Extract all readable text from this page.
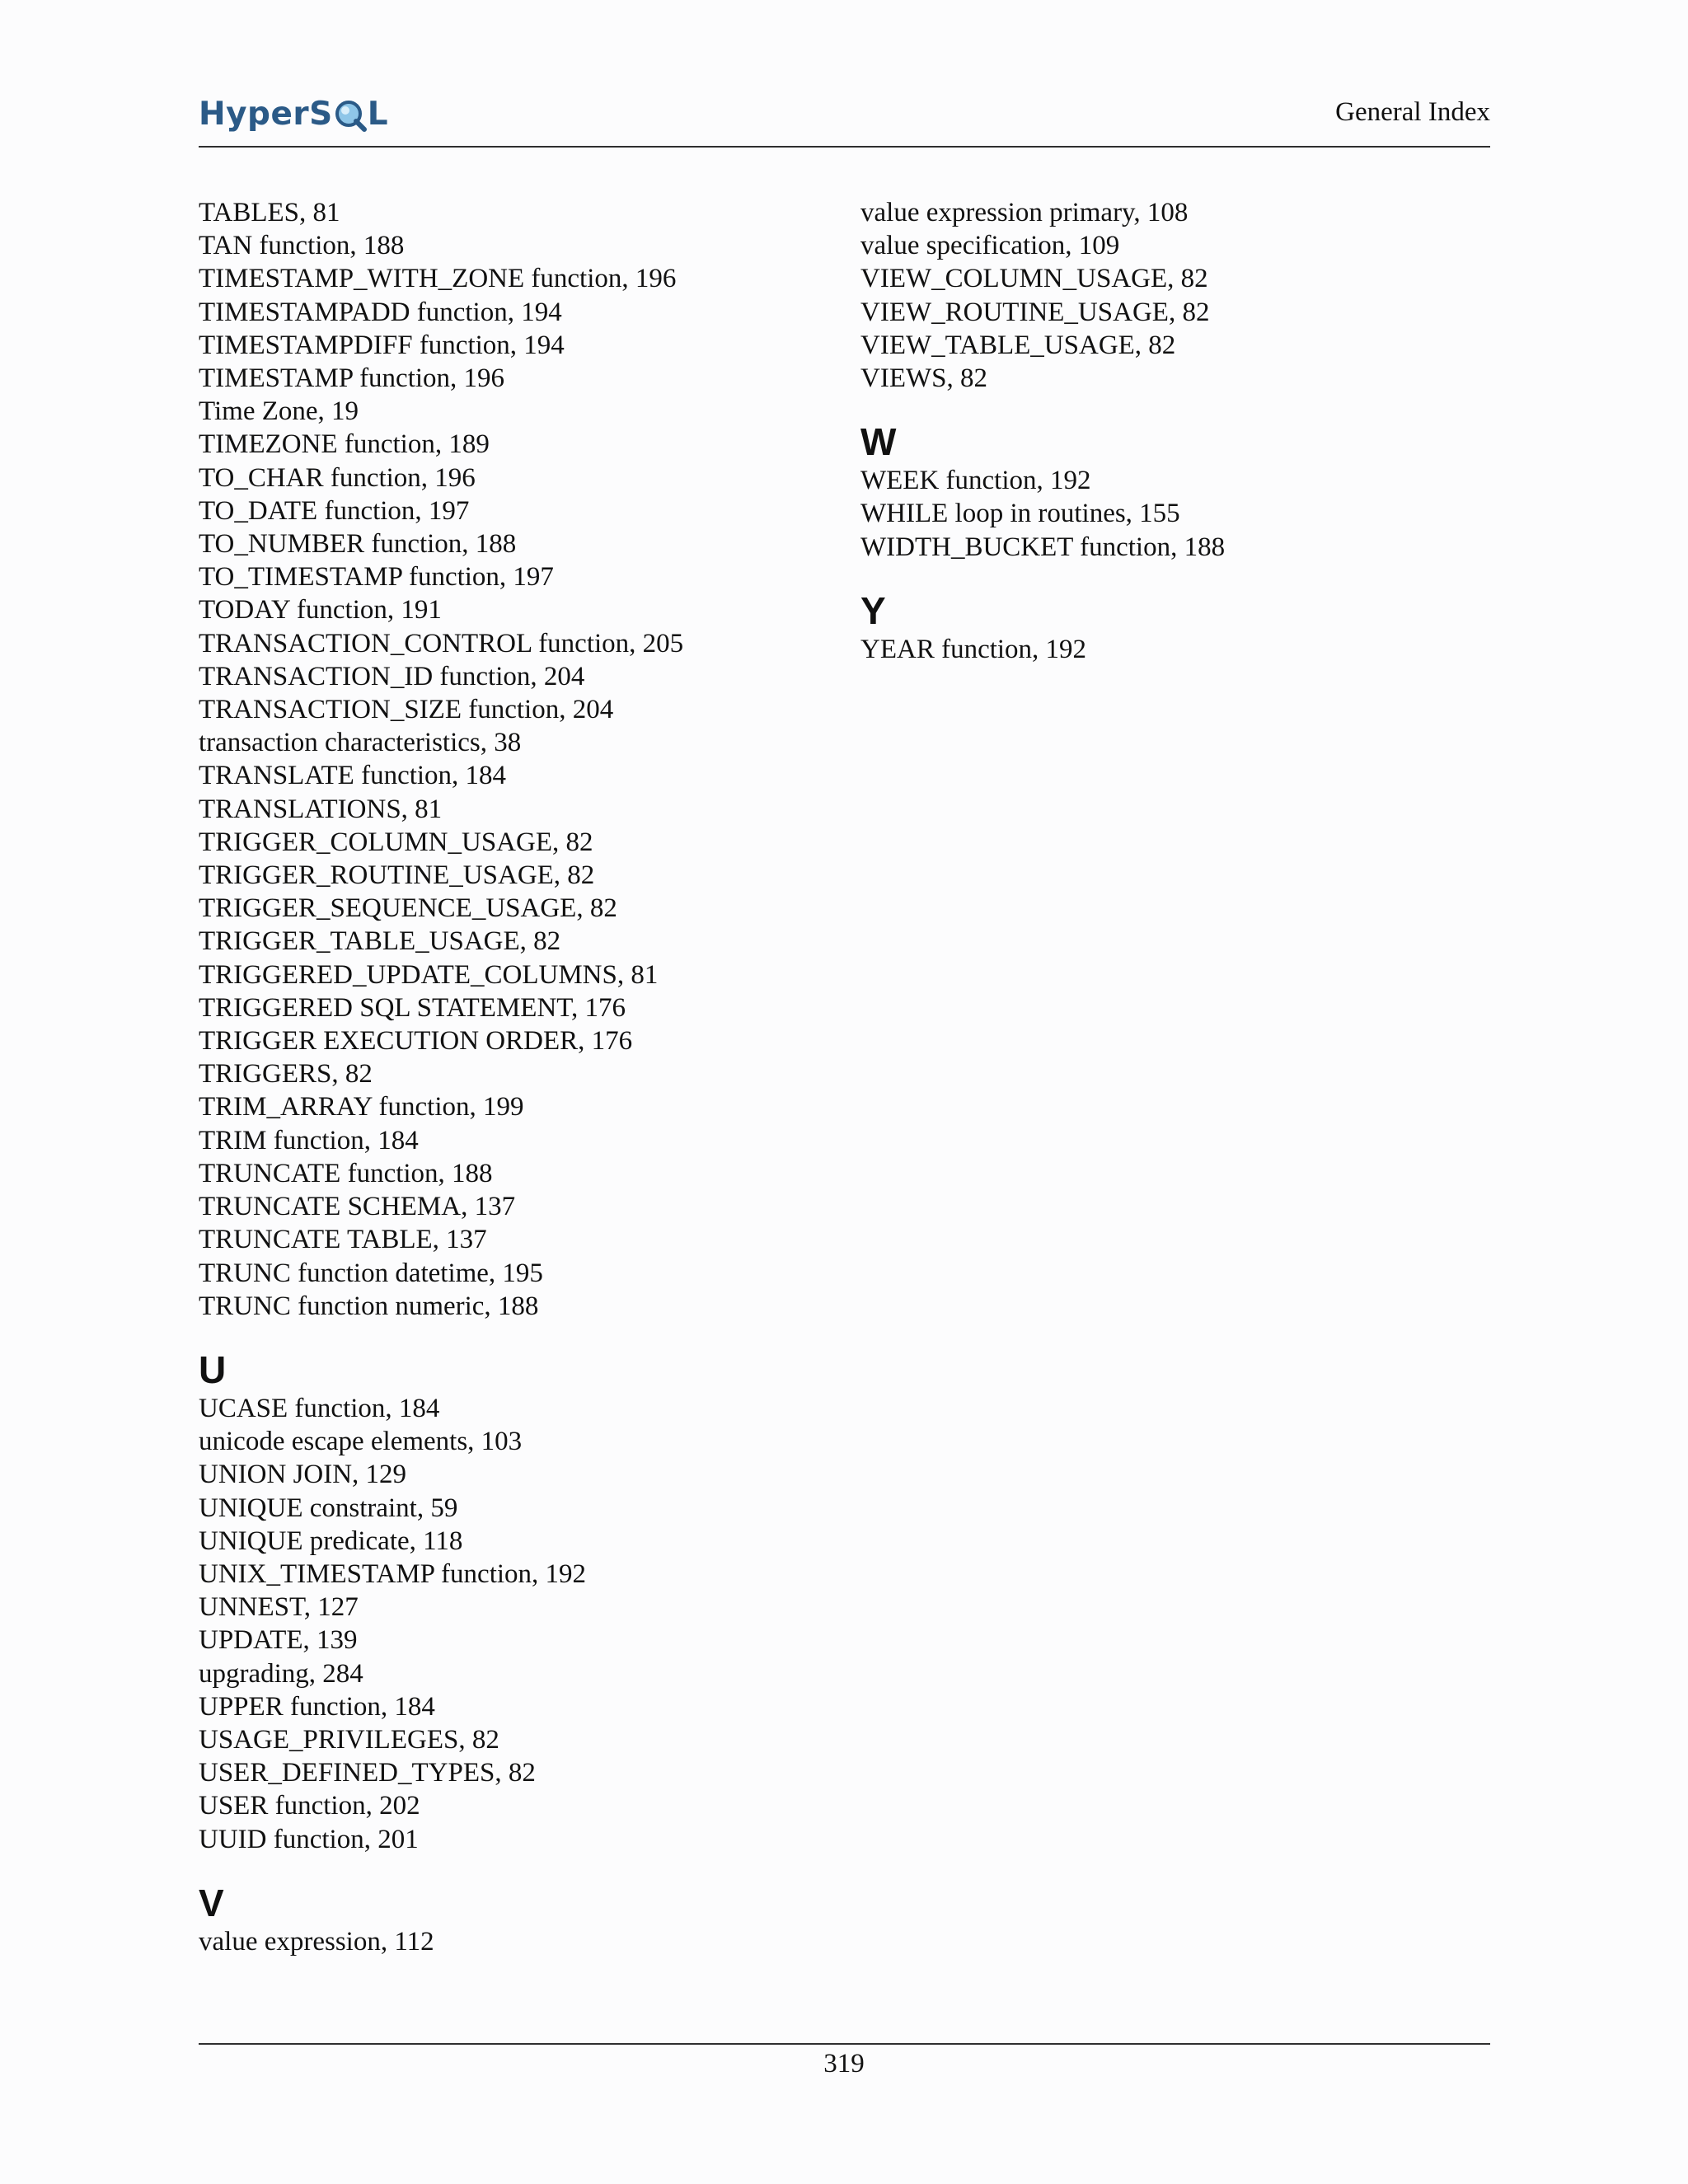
HyperS L	General Index
TABLES, 81
TAN function, 188
TIMESTAMP_WITH_ZONE function, 196
TIMESTAMPADD function, 194
TIMESTAMPDIFF function, 194
TIMESTAMP function, 196
Time Zone, 19
TIMEZONE function, 189
TO_CHAR function, 196
TO_DATE function, 197
TO_NUMBER function, 188
TO_TIMESTAMP function, 197
TODAY function, 191
TRANSACTION_CONTROL function, 205
TRANSACTION_ID function, 204
TRANSACTION_SIZE function, 204
transaction characteristics, 38
TRANSLATE function, 184
TRANSLATIONS, 81
TRIGGER_COLUMN_USAGE, 82
TRIGGER_ROUTINE_USAGE, 82
TRIGGER_SEQUENCE_USAGE, 82
TRIGGER_TABLE_USAGE, 82
TRIGGERED_UPDATE_COLUMNS, 81
TRIGGERED SQL STATEMENT, 176
TRIGGER EXECUTION ORDER, 176
TRIGGERS, 82
TRIM_ARRAY function, 199
TRIM function, 184
TRUNCATE function, 188
TRUNCATE SCHEMA, 137
TRUNCATE TABLE, 137
TRUNC function datetime, 195
TRUNC function numeric, 188
U
UCASE function, 184
unicode escape elements, 103
UNION JOIN, 129
UNIQUE constraint, 59
UNIQUE predicate, 118
UNIX_TIMESTAMP function, 192
UNNEST, 127
UPDATE, 139
upgrading, 284
UPPER function, 184
USAGE_PRIVILEGES, 82
USER_DEFINED_TYPES, 82
USER function, 202
UUID function, 201
V
value expression, 112
value expression primary, 108
value specification, 109
VIEW_COLUMN_USAGE, 82
VIEW_ROUTINE_USAGE, 82
VIEW_TABLE_USAGE, 82
VIEWS, 82
W
WEEK function, 192
WHILE loop in routines, 155
WIDTH_BUCKET function, 188
Y
YEAR function, 192
319
